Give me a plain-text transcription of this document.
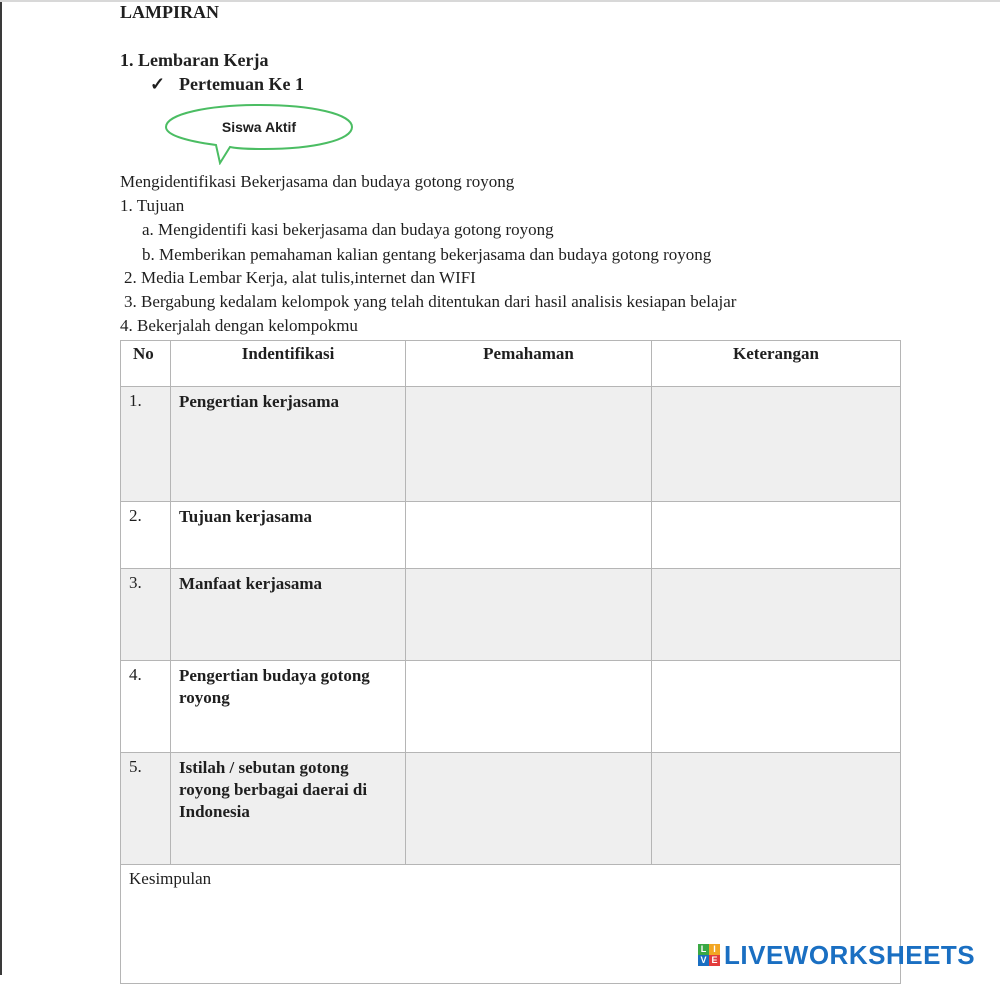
LAMPIRAN
1. Lembaran Kerja
✓ Pertemuan Ke 1
Siswa Aktif
Mengidentifikasi Bekerjasama dan budaya gotong royong
1. Tujuan
a. Mengidentifi kasi bekerjasama dan budaya gotong royong
b. Memberikan pemahaman kalian gentang bekerjasama dan budaya gotong royong
2. Media Lembar Kerja, alat tulis,internet dan WIFI
3. Bergabung kedalam kelompok yang telah ditentukan dari hasil analisis kesiapan belajar
4. Bekerjalah dengan kelompokmu
No	Indentifikasi	Pemahaman	Keterangan
1.	Pengertian kerjasama		
2.	Tujuan kerjasama		
3.	Manfaat kerjasama		
4.	Pengertian budaya gotong royong		
5.	Istilah / sebutan gotong royong berbagai daerai di Indonesia		
Kesimpulan			
L I
V E LIVEWORKSHEETS
